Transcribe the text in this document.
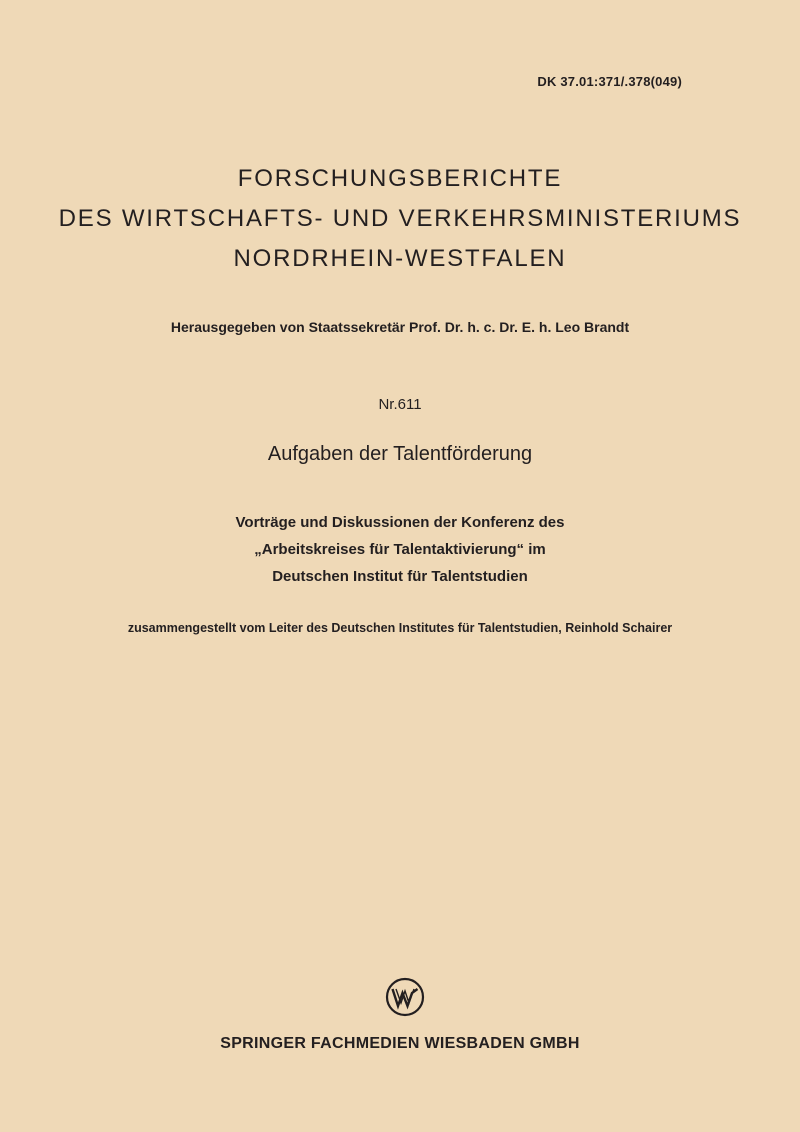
DK 37.01:371/.378(049)
FORSCHUNGSBERICHTE
DES WIRTSCHAFTS- UND VERKEHRSMINISTERIUMS
NORDRHEIN-WESTFALEN
Herausgegeben von Staatssekretär Prof. Dr. h. c. Dr. E. h. Leo Brandt
Nr.611
Aufgaben der Talentförderung
Vorträge und Diskussionen der Konferenz des
„Arbeitskreises für Talentaktivierung“ im
Deutschen Institut für Talentstudien
zusammengestellt vom Leiter des Deutschen Institutes für Talentstudien, Reinhold Schairer
SPRINGER FACHMEDIEN WIESBADEN GMBH
